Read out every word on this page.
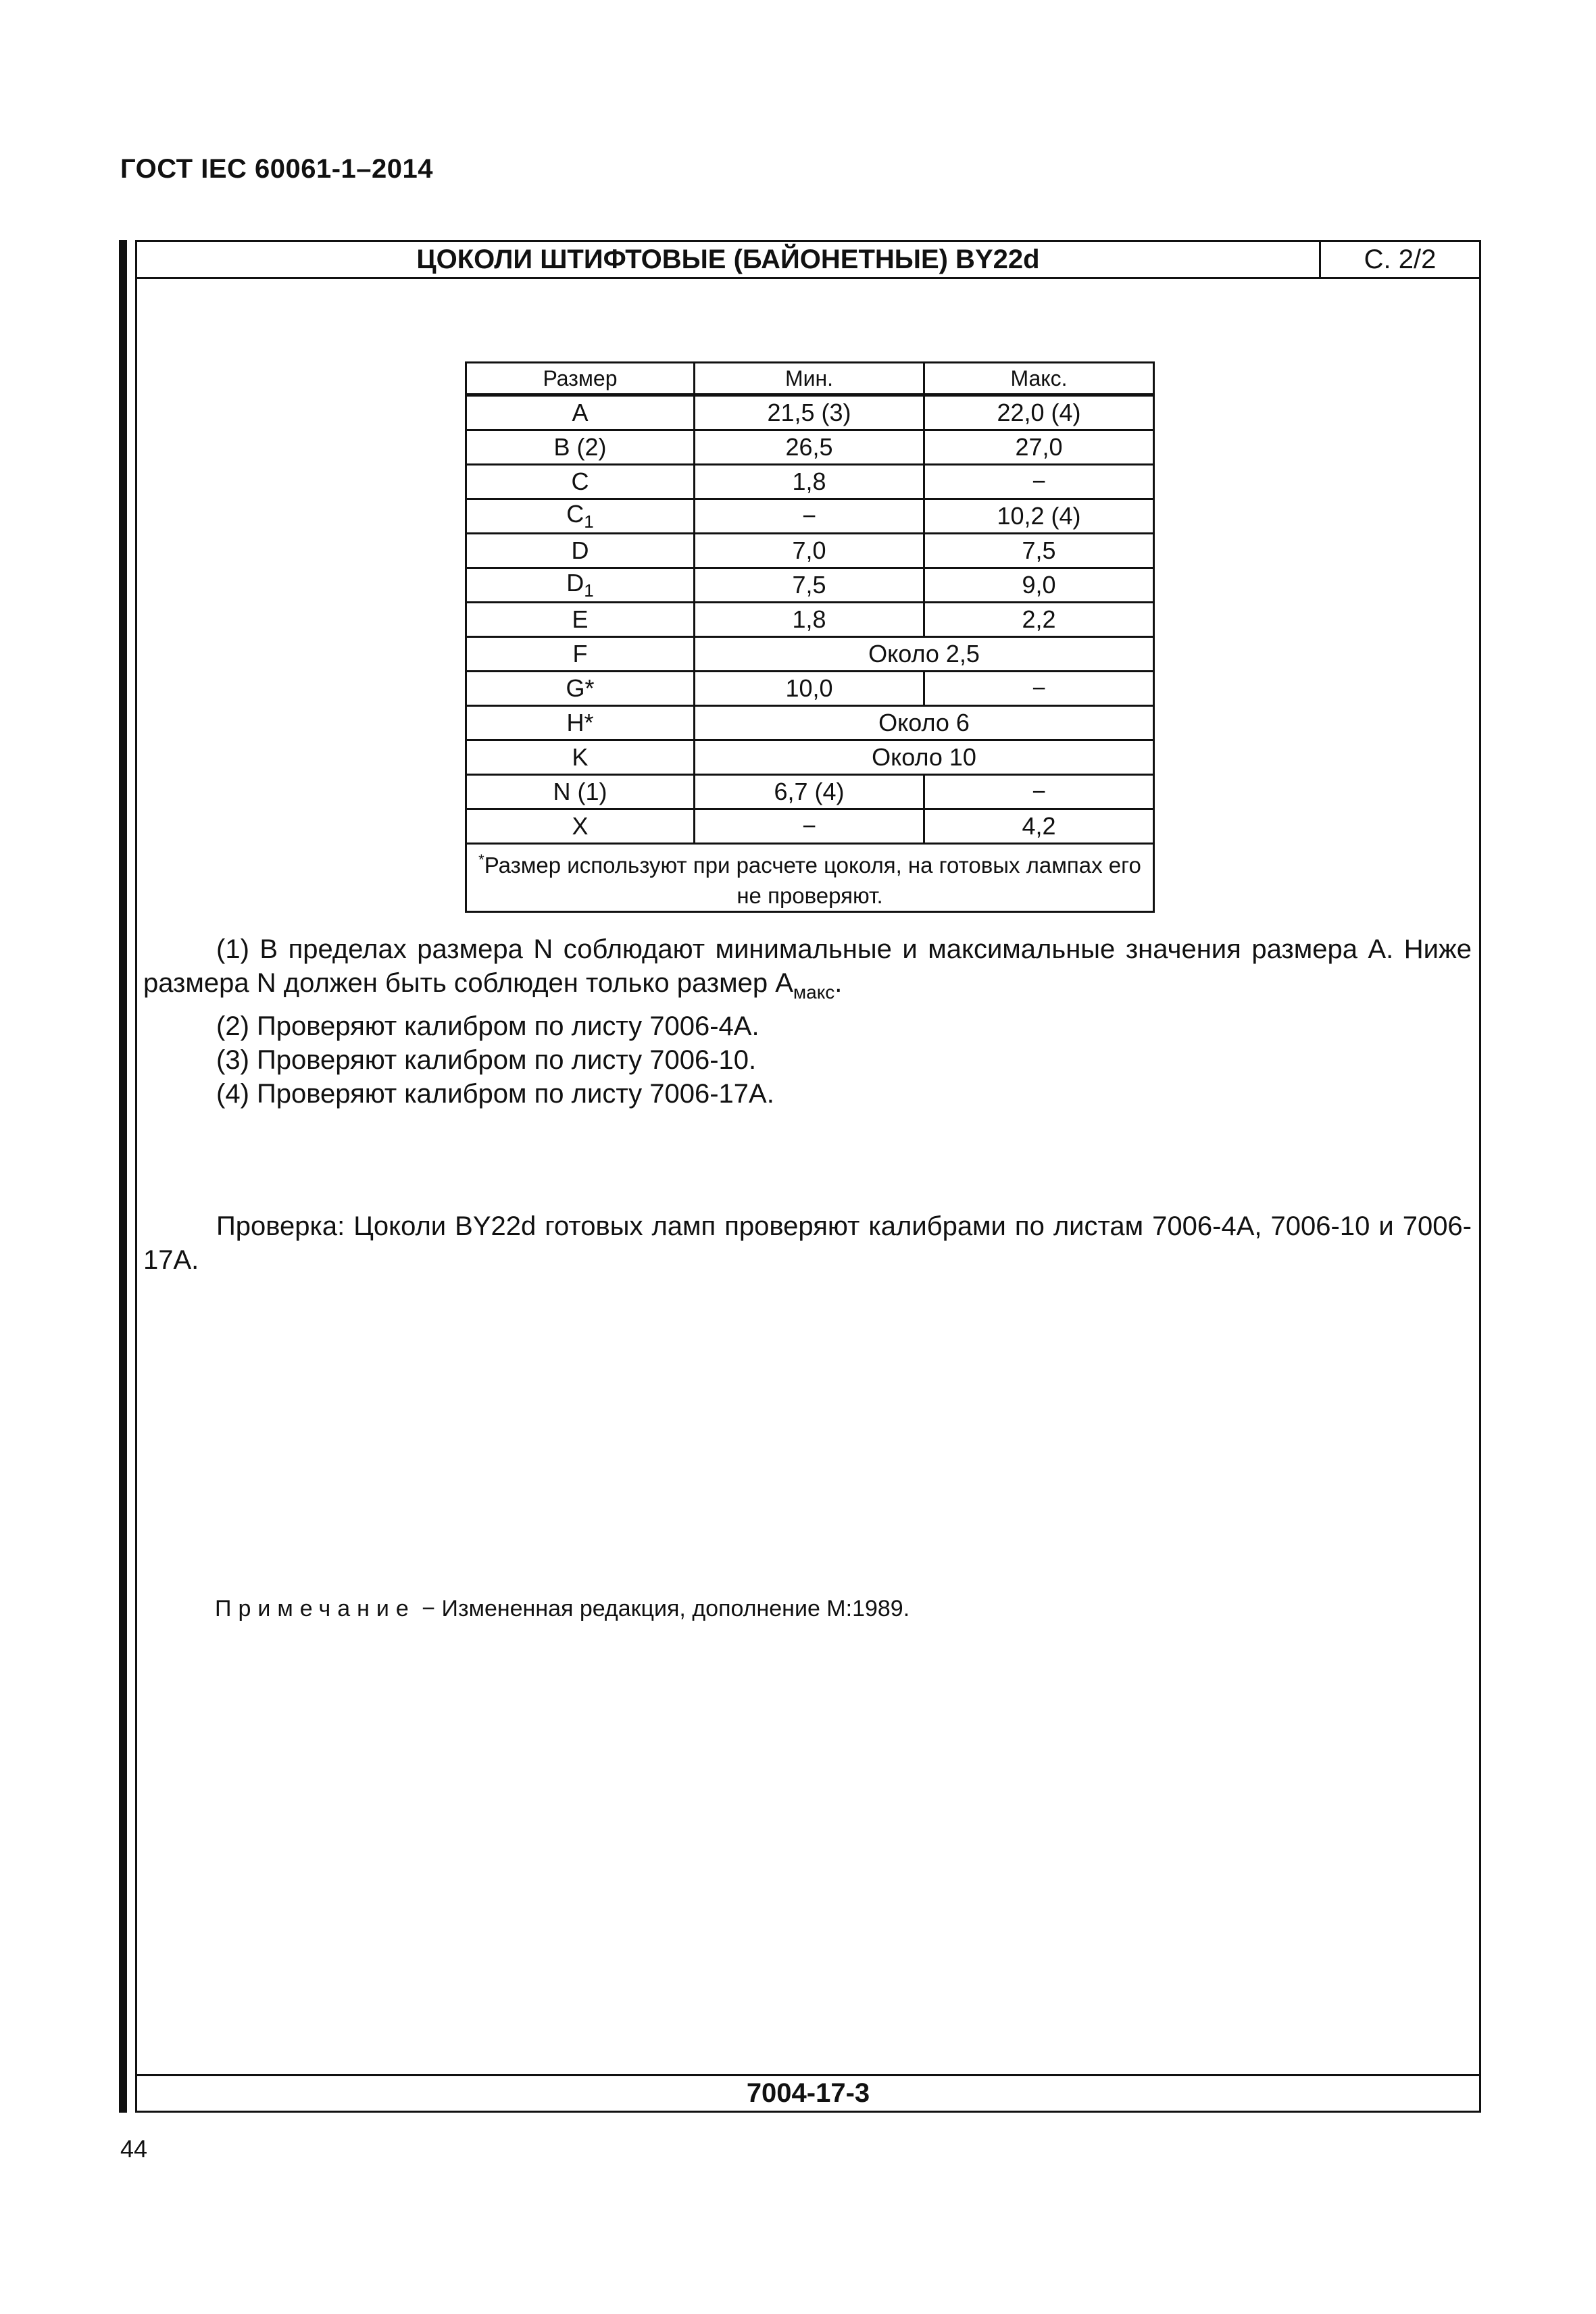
ГОСТ IEC 60061-1–2014
ЦОКОЛИ ШТИФТОВЫЕ (БАЙОНЕТНЫЕ) BY22d	С. 2/2
7004-17-3
Размер	Мин.	Макс.
A	21,5 (3)	22,0 (4)
B (2)	26,5	27,0
C	1,8	−
$C_1$	−	10,2 (4)
D	7,0	7,5
$D_1$	7,5	9,0
E	1,8	2,2
F	Около 2,5	
G*	10,0	−
H*	Около 6	
K	Около 10	
N (1)	6,7 (4)	−
X	−	4,2
*Размер используют при расчете цоколя, на готовых лампах его не проверяют.		

(1) В пределах размера N соблюдают минимальные и максимальные значения размера A. Ниже размера N должен быть соблюден только размер $A_{макс}$.

(2) Проверяют калибром по листу 7006-4A.

(3) Проверяют калибром по листу 7006-10.

(4) Проверяют калибром по листу 7006-17A.

Проверка: Цоколи BY22d готовых ламп проверяют калибрами по листам 7006-4A, 7006-10 и 7006-17A.

Примечание − Измененная редакция, дополнение M:1989.
44
